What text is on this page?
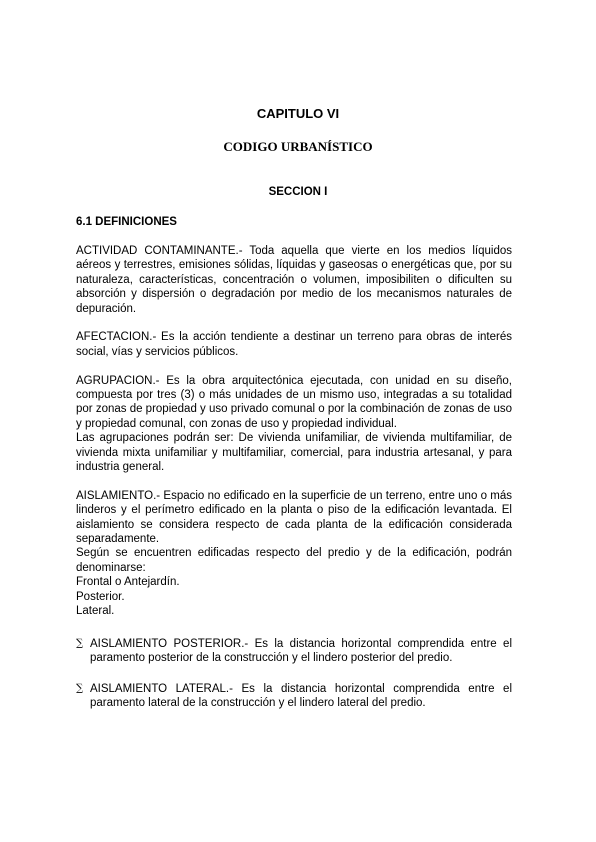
CAPITULO VI
CODIGO URBANÍSTICO
SECCION I
6.1 DEFINICIONES

ACTIVIDAD CONTAMINANTE.- Toda aquella que vierte en los medios líquidos aéreos y terrestres, emisiones sólidas, líquidas y gaseosas o energéticas que, por su naturaleza, características, concentración o volumen, imposibiliten o dificulten su absorción y dispersión o degradación por medio de los mecanismos naturales de depuración.

AFECTACION.- Es la acción tendiente a destinar un terreno para obras de interés social, vías y servicios públicos.

AGRUPACION.- Es la obra arquitectónica ejecutada, con unidad en su diseño, compuesta por tres (3) o más unidades de un mismo uso, integradas a su totalidad por zonas de propiedad y uso privado comunal o por la combinación de zonas de uso y propiedad comunal, con zonas de uso y propiedad individual.

Las agrupaciones podrán ser: De vivienda unifamiliar, de vivienda multifamiliar, de vivienda mixta unifamiliar y multifamiliar, comercial, para industria artesanal, y para industria general.

AISLAMIENTO.- Espacio no edificado en la superficie de un terreno, entre uno o más linderos y el perímetro edificado en la planta o piso de la edificación levantada. El aislamiento se considera respecto de cada planta de la edificación considerada separadamente.

Según se encuentren edificadas respecto del predio y de la edificación, podrán denominarse:

Frontal o Antejardín.
Posterior.
Lateral.
∑ AISLAMIENTO POSTERIOR.- Es la distancia horizontal comprendida entre el paramento posterior de la construcción y el lindero posterior del predio.
∑ AISLAMIENTO LATERAL.- Es la distancia horizontal comprendida entre el paramento lateral de la construcción y el lindero lateral del predio.
